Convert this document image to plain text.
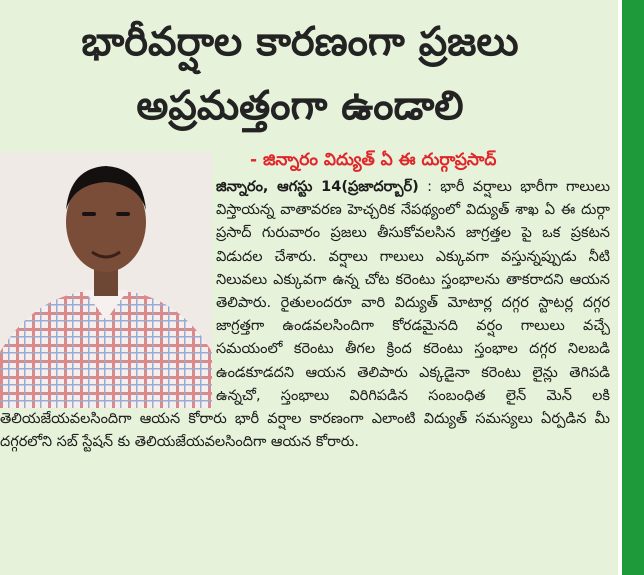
భారీవర్షాల కారణంగా ప్రజలు
అప్రమత్తంగా ఉండాలి
- జిన్నారం విద్యుత్ ఏ ఈ దుర్గాప్రసాద్
జిన్నారం, ఆగస్టు 14(ప్రజాదర్బార్) : భారీ వర్షాలు భారీగా గాలులు విస్తాయన్న వాతావరణ హెచ్చరిక నేపథ్యంలో విద్యుత్ శాఖ ఏ ఈ దుర్గా ప్రసాద్ గురువారం ప్రజలు తీసుకోవలసిన జాగ్రత్తల పై ఒక ప్రకటన విడుదల చేశారు. వర్షాలు గాలులు ఎక్కువగా వస్తున్నప్పుడు నీటి నిలువలు ఎక్కువగా ఉన్న చోట కరెంటు స్తంభాలను తాకరాదని ఆయన తెలిపారు. రైతులందరూ వారి విద్యుత్ మోటార్ల దగ్గర స్టాటర్ల దగ్గర జాగ్రత్తగా ఉండవలసిందిగా కోరడమైనది వర్షం గాలులు వచ్చే సమయంలో కరెంటు తీగల క్రింద కరెంటు స్తంభాల దగ్గర నిలబడి ఉండకూడదని ఆయన తెలిపారు ఎక్కడైనా కరెంటు లైన్లు తెగిపడి ఉన్నచో, స్తంభాలు విరిగిపడిన సంబంధిత లైన్ మెన్ లకి తెలియజేయవలసిందిగా ఆయన కోరారు భారీ వర్షాల కారణంగా ఎలాంటి విద్యుత్ సమస్యలు ఏర్పడిన మీ దగ్గరలోని సబ్ స్టేషన్ కు తెలియజేయవలసిందిగా ఆయన కోరారు.
